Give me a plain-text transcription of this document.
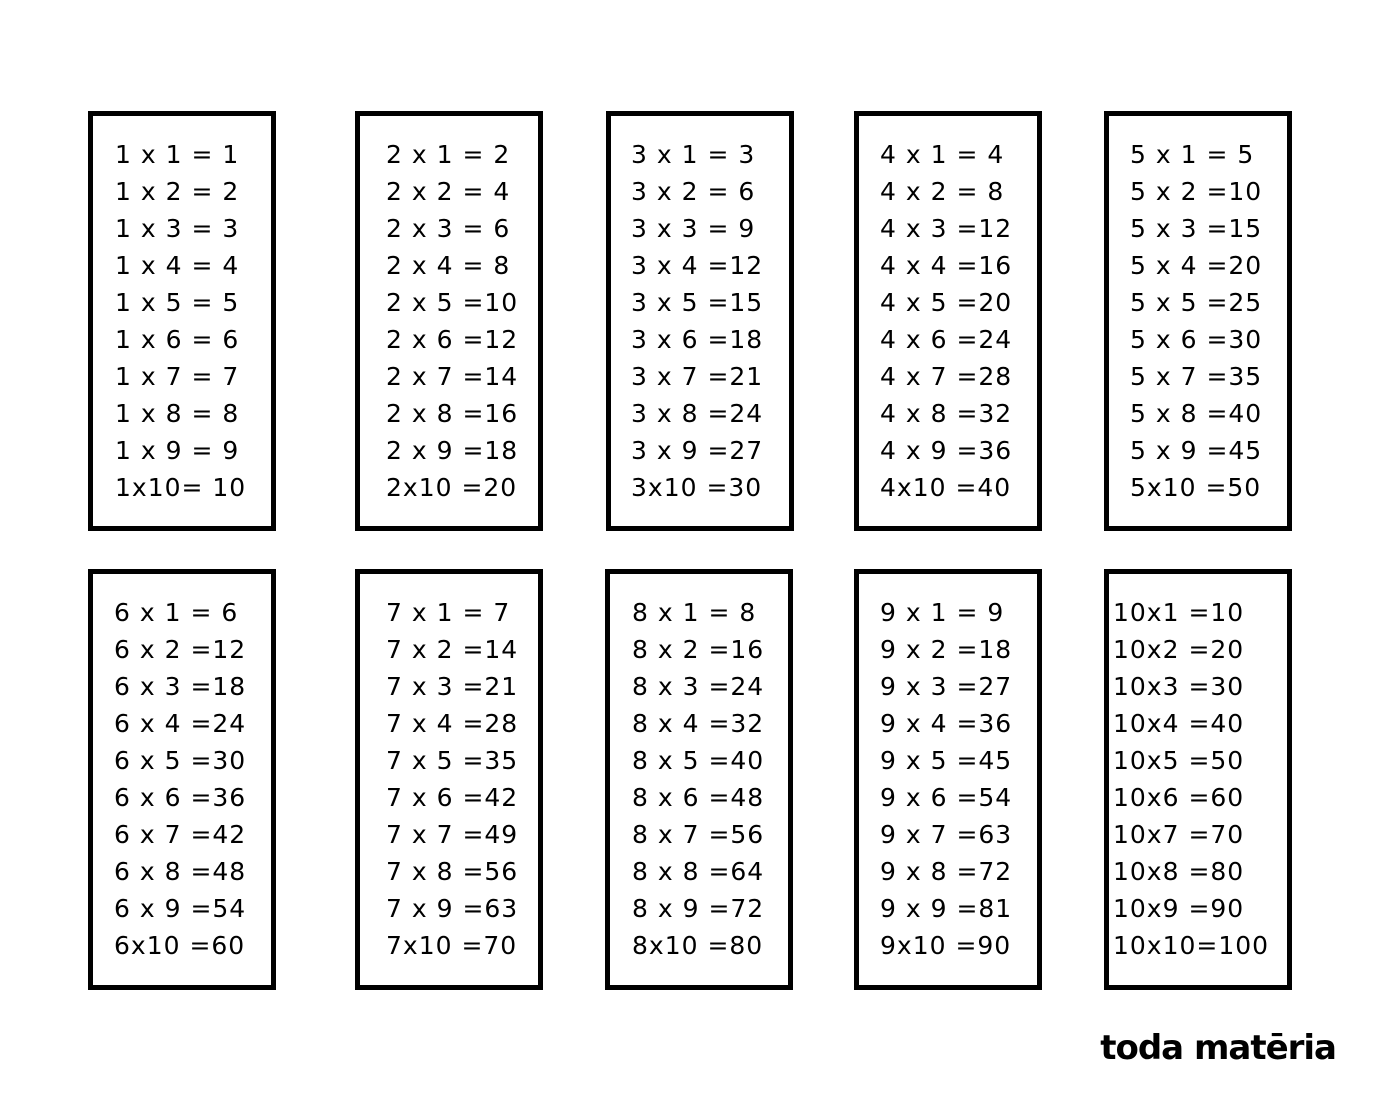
1 x 1 = 1
1 x 2 = 2
1 x 3 = 3
1 x 4 = 4
1 x 5 = 5
1 x 6 = 6
1 x 7 = 7
1 x 8 = 8
1 x 9 = 9
1x10= 10
2 x 1 = 2
2 x 2 = 4
2 x 3 = 6
2 x 4 = 8
2 x 5 =10
2 x 6 =12
2 x 7 =14
2 x 8 =16
2 x 9 =18
2x10 =20
3 x 1 = 3
3 x 2 = 6
3 x 3 = 9
3 x 4 =12
3 x 5 =15
3 x 6 =18
3 x 7 =21
3 x 8 =24
3 x 9 =27
3x10 =30
4 x 1 = 4
4 x 2 = 8
4 x 3 =12
4 x 4 =16
4 x 5 =20
4 x 6 =24
4 x 7 =28
4 x 8 =32
4 x 9 =36
4x10 =40
5 x 1 = 5
5 x 2 =10
5 x 3 =15
5 x 4 =20
5 x 5 =25
5 x 6 =30
5 x 7 =35
5 x 8 =40
5 x 9 =45
5x10 =50
6 x 1 = 6
6 x 2 =12
6 x 3 =18
6 x 4 =24
6 x 5 =30
6 x 6 =36
6 x 7 =42
6 x 8 =48
6 x 9 =54
6x10 =60
7 x 1 = 7
7 x 2 =14
7 x 3 =21
7 x 4 =28
7 x 5 =35
7 x 6 =42
7 x 7 =49
7 x 8 =56
7 x 9 =63
7x10 =70
8 x 1 = 8
8 x 2 =16
8 x 3 =24
8 x 4 =32
8 x 5 =40
8 x 6 =48
8 x 7 =56
8 x 8 =64
8 x 9 =72
8x10 =80
9 x 1 = 9
9 x 2 =18
9 x 3 =27
9 x 4 =36
9 x 5 =45
9 x 6 =54
9 x 7 =63
9 x 8 =72
9 x 9 =81
9x10 =90
10x1 =10
10x2 =20
10x3 =30
10x4 =40
10x5 =50
10x6 =60
10x7 =70
10x8 =80
10x9 =90
10x10=100
toda matēria
